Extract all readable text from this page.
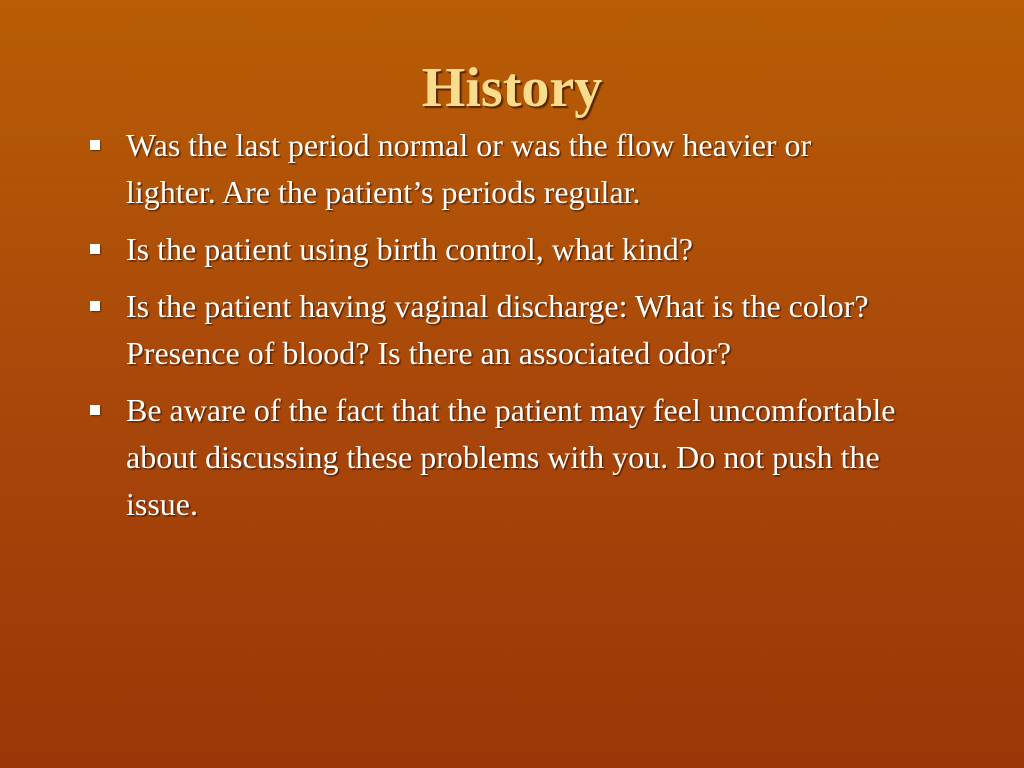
History
Was the last period normal or was the flow heavier or lighter. Are the patient’s periods regular.
Is the patient using birth control, what kind?
Is the patient having vaginal discharge: What is the color? Presence of blood? Is there an associated odor?
Be aware of the fact that the patient may feel uncomfortable about discussing these problems with you. Do not push the issue.
